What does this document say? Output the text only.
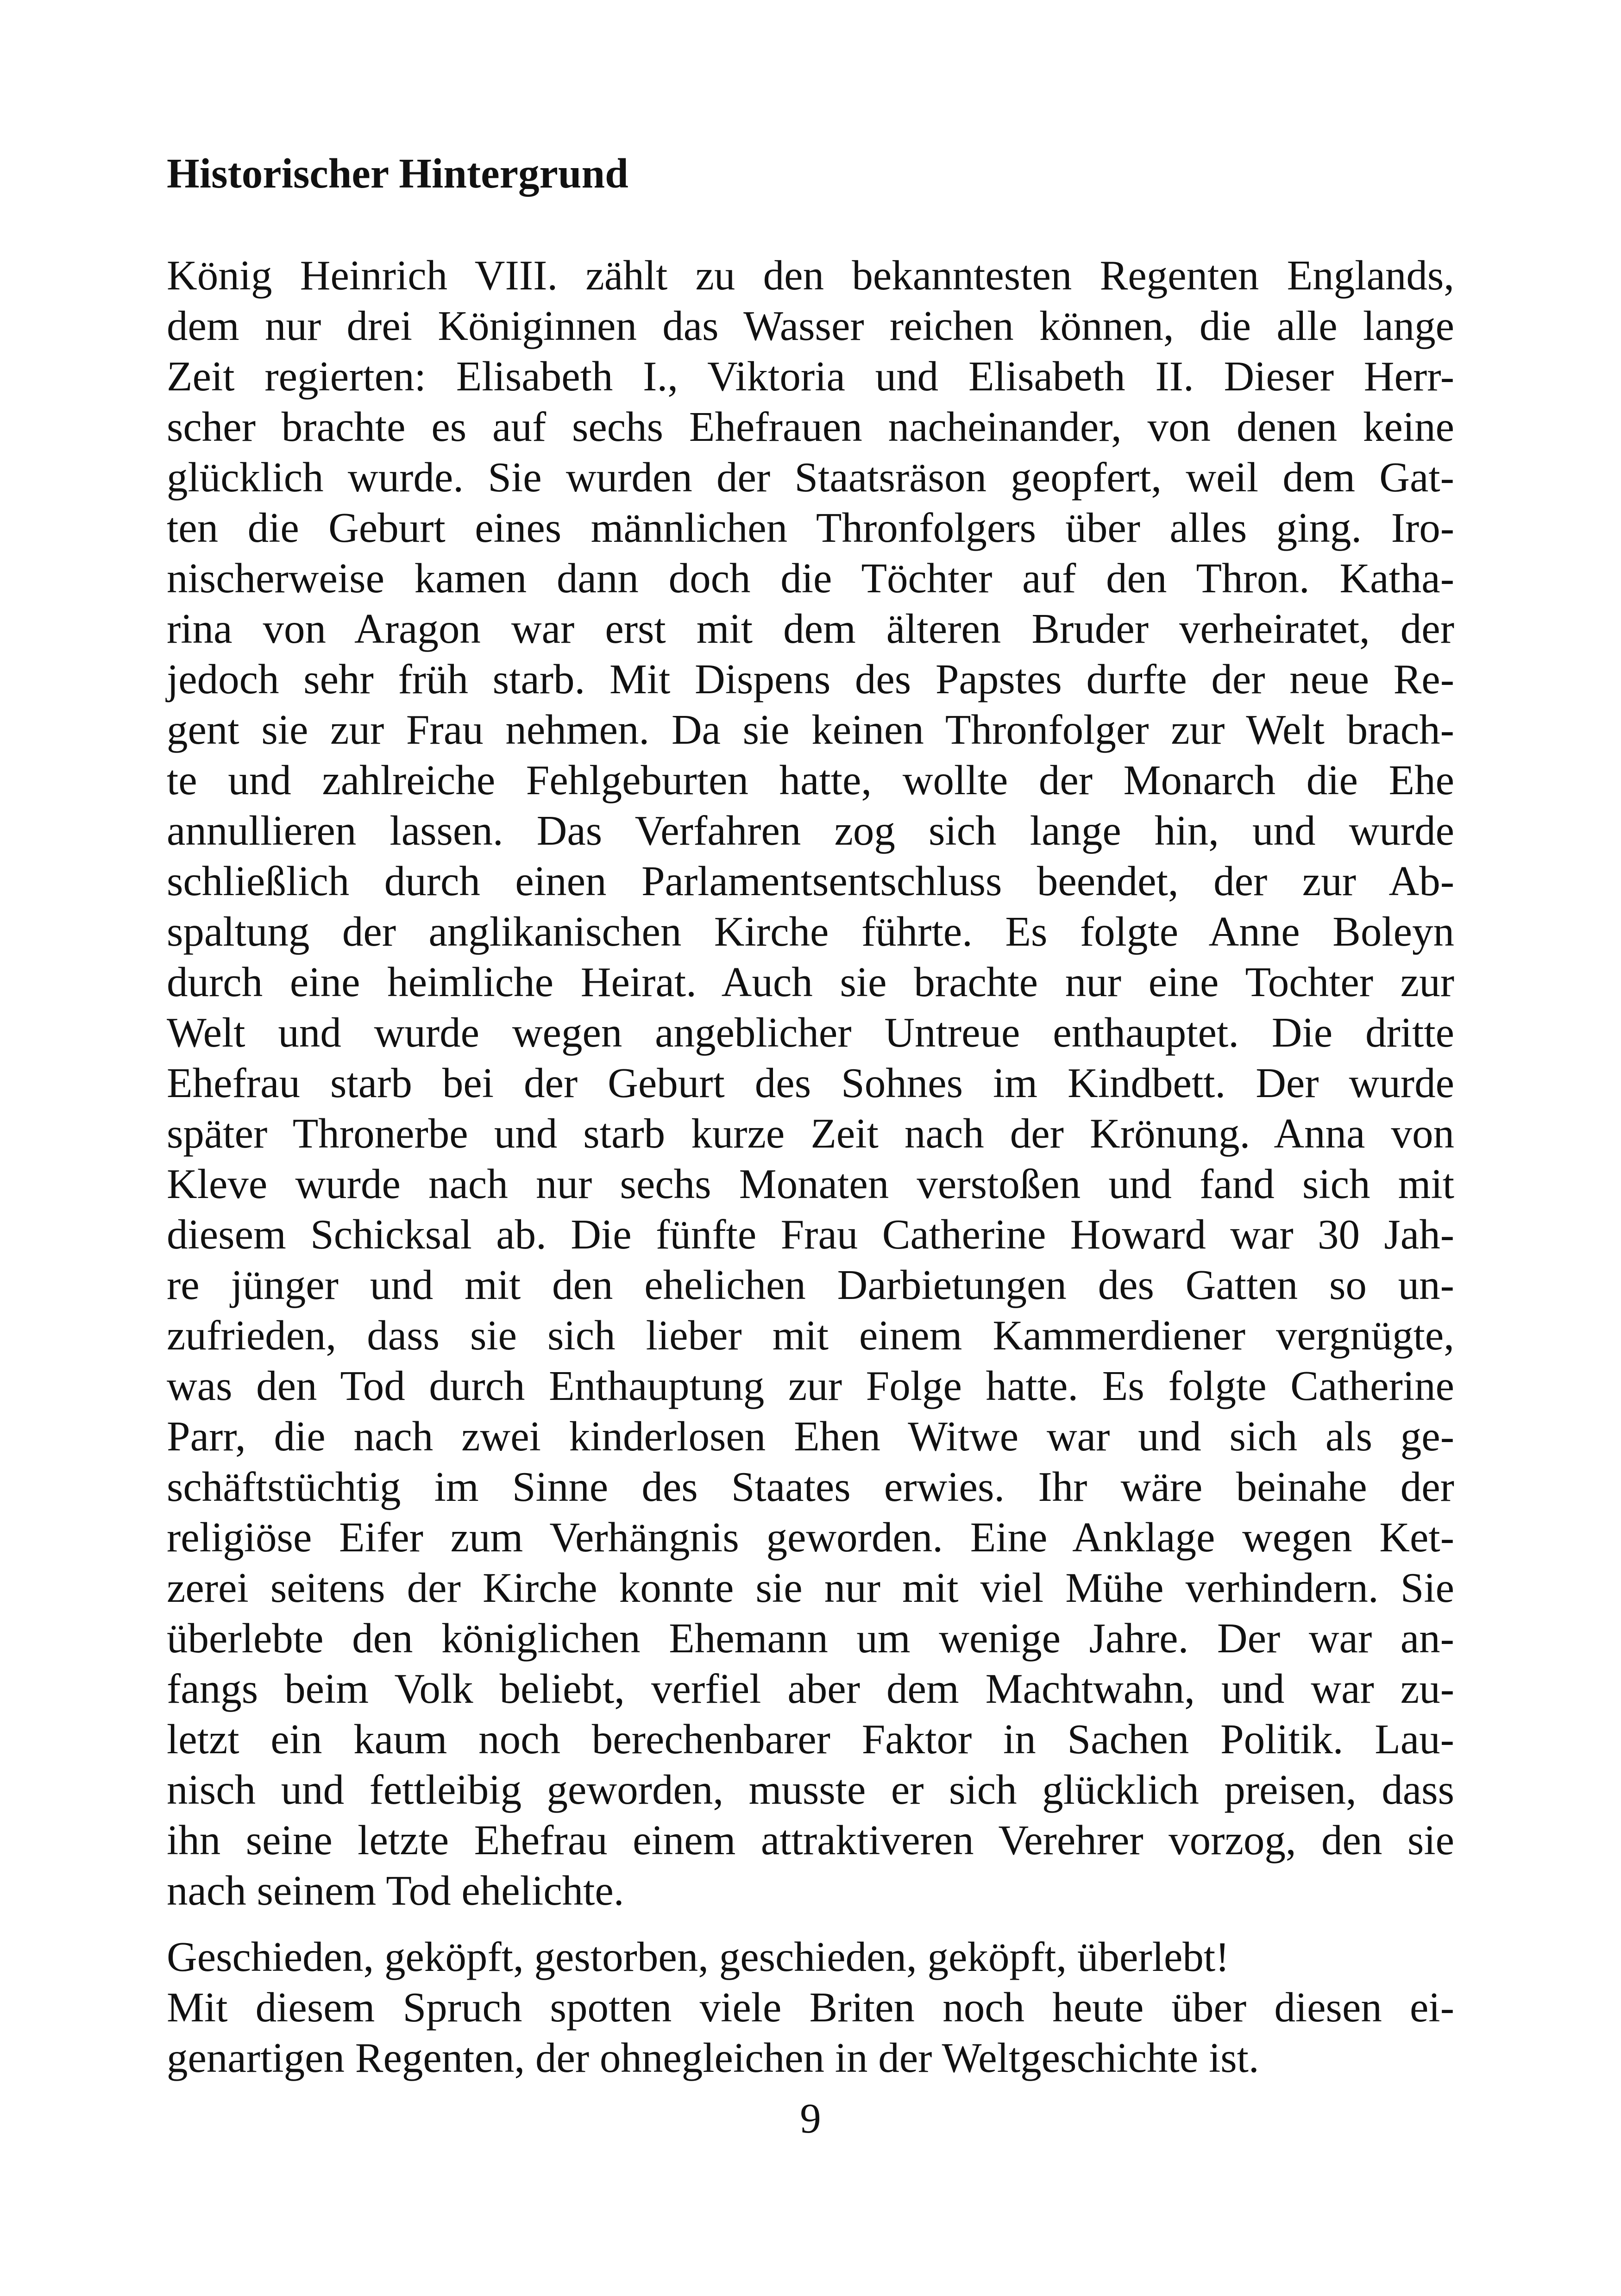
Historischer Hintergrund
König Heinrich VIII. zählt zu den bekanntesten Regenten Englands,
dem nur drei Königinnen das Wasser reichen können, die alle lange
Zeit regierten: Elisabeth I., Viktoria und Elisabeth II. Dieser Herr-
scher brachte es auf sechs Ehefrauen nacheinander, von denen keine
glücklich wurde. Sie wurden der Staatsräson geopfert, weil dem Gat-
ten die Geburt eines männlichen Thronfolgers über alles ging. Iro-
nischerweise kamen dann doch die Töchter auf den Thron. Katha-
rina von Aragon war erst mit dem älteren Bruder verheiratet, der
jedoch sehr früh starb. Mit Dispens des Papstes durfte der neue Re-
gent sie zur Frau nehmen. Da sie keinen Thronfolger zur Welt brach-
te und zahlreiche Fehlgeburten hatte, wollte der Monarch die Ehe
annullieren lassen. Das Verfahren zog sich lange hin, und wurde
schließlich durch einen Parlamentsentschluss beendet, der zur Ab-
spaltung der anglikanischen Kirche führte. Es folgte Anne Boleyn
durch eine heimliche Heirat. Auch sie brachte nur eine Tochter zur
Welt und wurde wegen angeblicher Untreue enthauptet. Die dritte
Ehefrau starb bei der Geburt des Sohnes im Kindbett. Der wurde
später Thronerbe und starb kurze Zeit nach der Krönung. Anna von
Kleve wurde nach nur sechs Monaten verstoßen und fand sich mit
diesem Schicksal ab. Die fünfte Frau Catherine Howard war 30 Jah-
re jünger und mit den ehelichen Darbietungen des Gatten so un-
zufrieden, dass sie sich lieber mit einem Kammerdiener vergnügte,
was den Tod durch Enthauptung zur Folge hatte. Es folgte Catherine
Parr, die nach zwei kinderlosen Ehen Witwe war und sich als ge-
schäftstüchtig im Sinne des Staates erwies. Ihr wäre beinahe der
religiöse Eifer zum Verhängnis geworden. Eine Anklage wegen Ket-
zerei seitens der Kirche konnte sie nur mit viel Mühe verhindern. Sie
überlebte den königlichen Ehemann um wenige Jahre. Der war an-
fangs beim Volk beliebt, verfiel aber dem Machtwahn, und war zu-
letzt ein kaum noch berechenbarer Faktor in Sachen Politik. Lau-
nisch und fettleibig geworden, musste er sich glücklich preisen, dass
ihn seine letzte Ehefrau einem attraktiveren Verehrer vorzog, den sie
nach seinem Tod ehelichte.
Geschieden, geköpft, gestorben, geschieden, geköpft, überlebt!
Mit diesem Spruch spotten viele Briten noch heute über diesen ei-
genartigen Regenten, der ohnegleichen in der Weltgeschichte ist.
9
